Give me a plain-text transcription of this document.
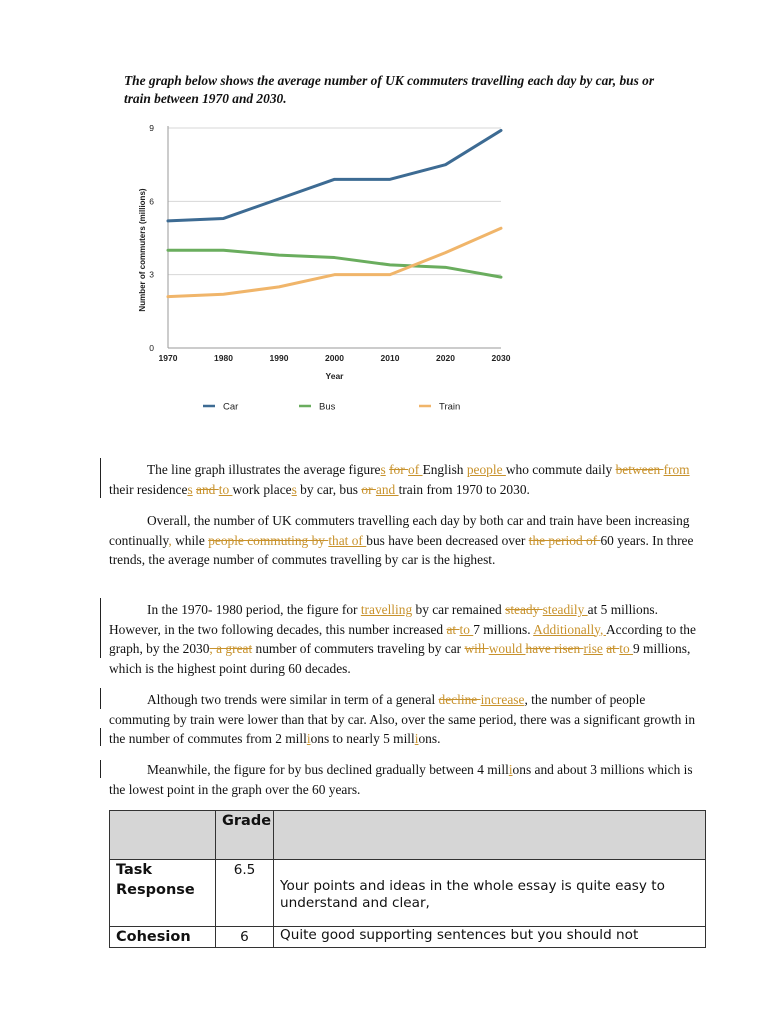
The graph below shows the average number of UK commuters travelling each day by car, bus or train between 1970 and 2030.
0
3
6
9
1970	1980	1990	2000	2010	2020	2030
Year
Number of commuters (millions)
Car	Bus	Train

The line graph illustrates the average figures for of English people who commute daily between from their residences and to work places by car, bus or and train from 1970 to 2030.

Overall, the number of UK commuters travelling each day by both car and train have been increasing continually, while people commuting by that of bus have been decreased over the period of 60 years. In three trends, the average number of commutes travelling by car is the highest.

In the 1970- 1980 period, the figure for travelling by car remained steady steadily at 5 millions. However, in the two following decades, this number increased at to 7 millions. Additionally, According to the graph, by the 2030, a great number of commuters traveling by car will would have risen rise at to 9 millions, which is the highest point during 60 decades.

Although two trends were similar in term of a general decline increase, the number of people commuting by train were lower than that by car. Also, over the same period, there was a significant growth in the number of commutes from 2 millions to nearly 5 millions.

Meanwhile, the figure for by bus declined gradually between 4 millions and about 3 millions which is the lowest point in the graph over the 60 years.

	Grade	
Task Response	6.5	Your points and ideas in the whole essay is quite easy to understand and clear,

Cohesion	6	Quite good supporting sentences but you should not
